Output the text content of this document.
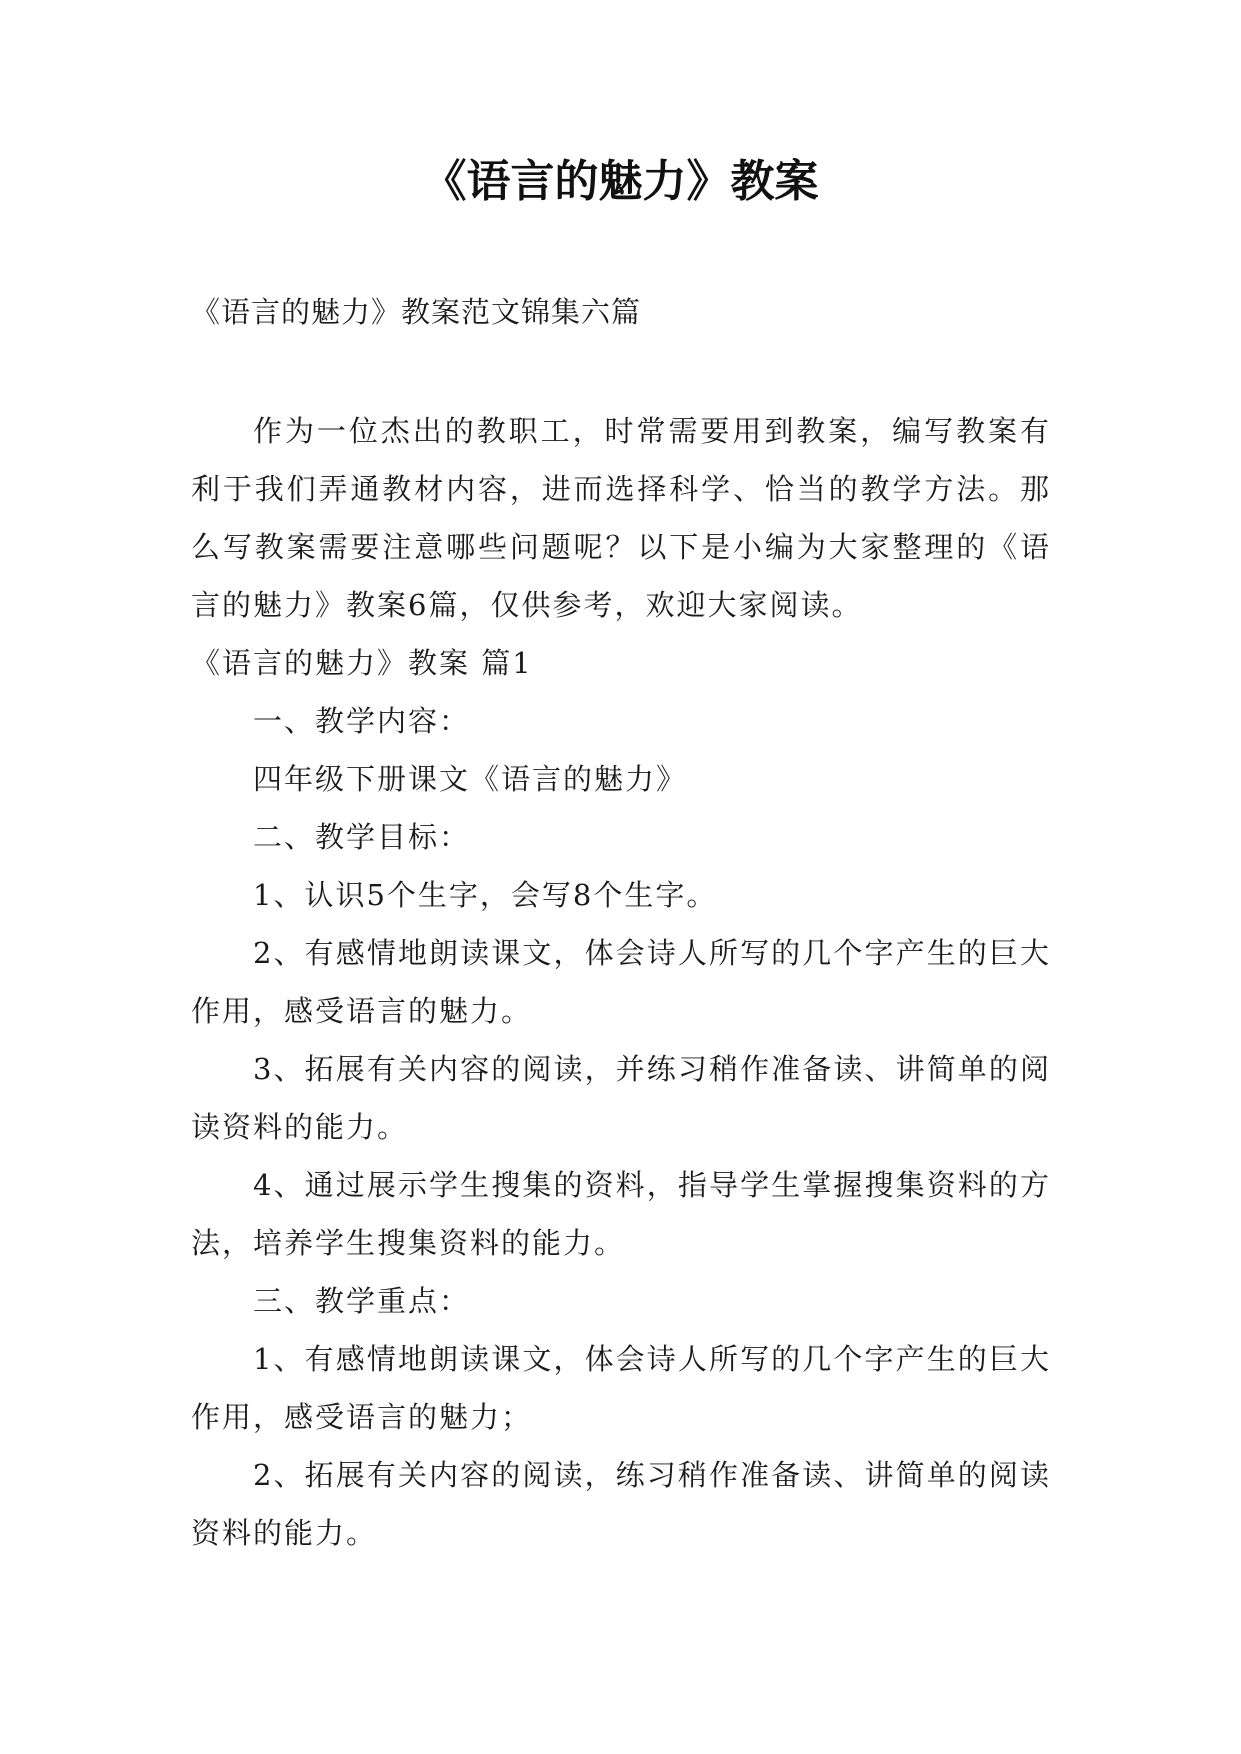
《语言的魅力》教案

《语言的魅力》教案范文锦集六篇

作为一位杰出的教职工，时常需要用到教案，编写教案有利于我们弄通教材内容，进而选择科学、恰当的教学方法。那么写教案需要注意哪些问题呢？以下是小编为大家整理的《语言的魅力》教案6篇，仅供参考，欢迎大家阅读。

《语言的魅力》教案 篇1

一、教学内容：

四年级下册课文《语言的魅力》

二、教学目标：

1、认识5个生字，会写8个生字。

2、有感情地朗读课文，体会诗人所写的几个字产生的巨大作用，感受语言的魅力。

3、拓展有关内容的阅读，并练习稍作准备读、讲简单的阅读资料的能力。

4、通过展示学生搜集的资料，指导学生掌握搜集资料的方法，培养学生搜集资料的能力。

三、教学重点：

1、有感情地朗读课文，体会诗人所写的几个字产生的巨大作用，感受语言的魅力；

2、拓展有关内容的阅读，练习稍作准备读、讲简单的阅读资料的能力。
